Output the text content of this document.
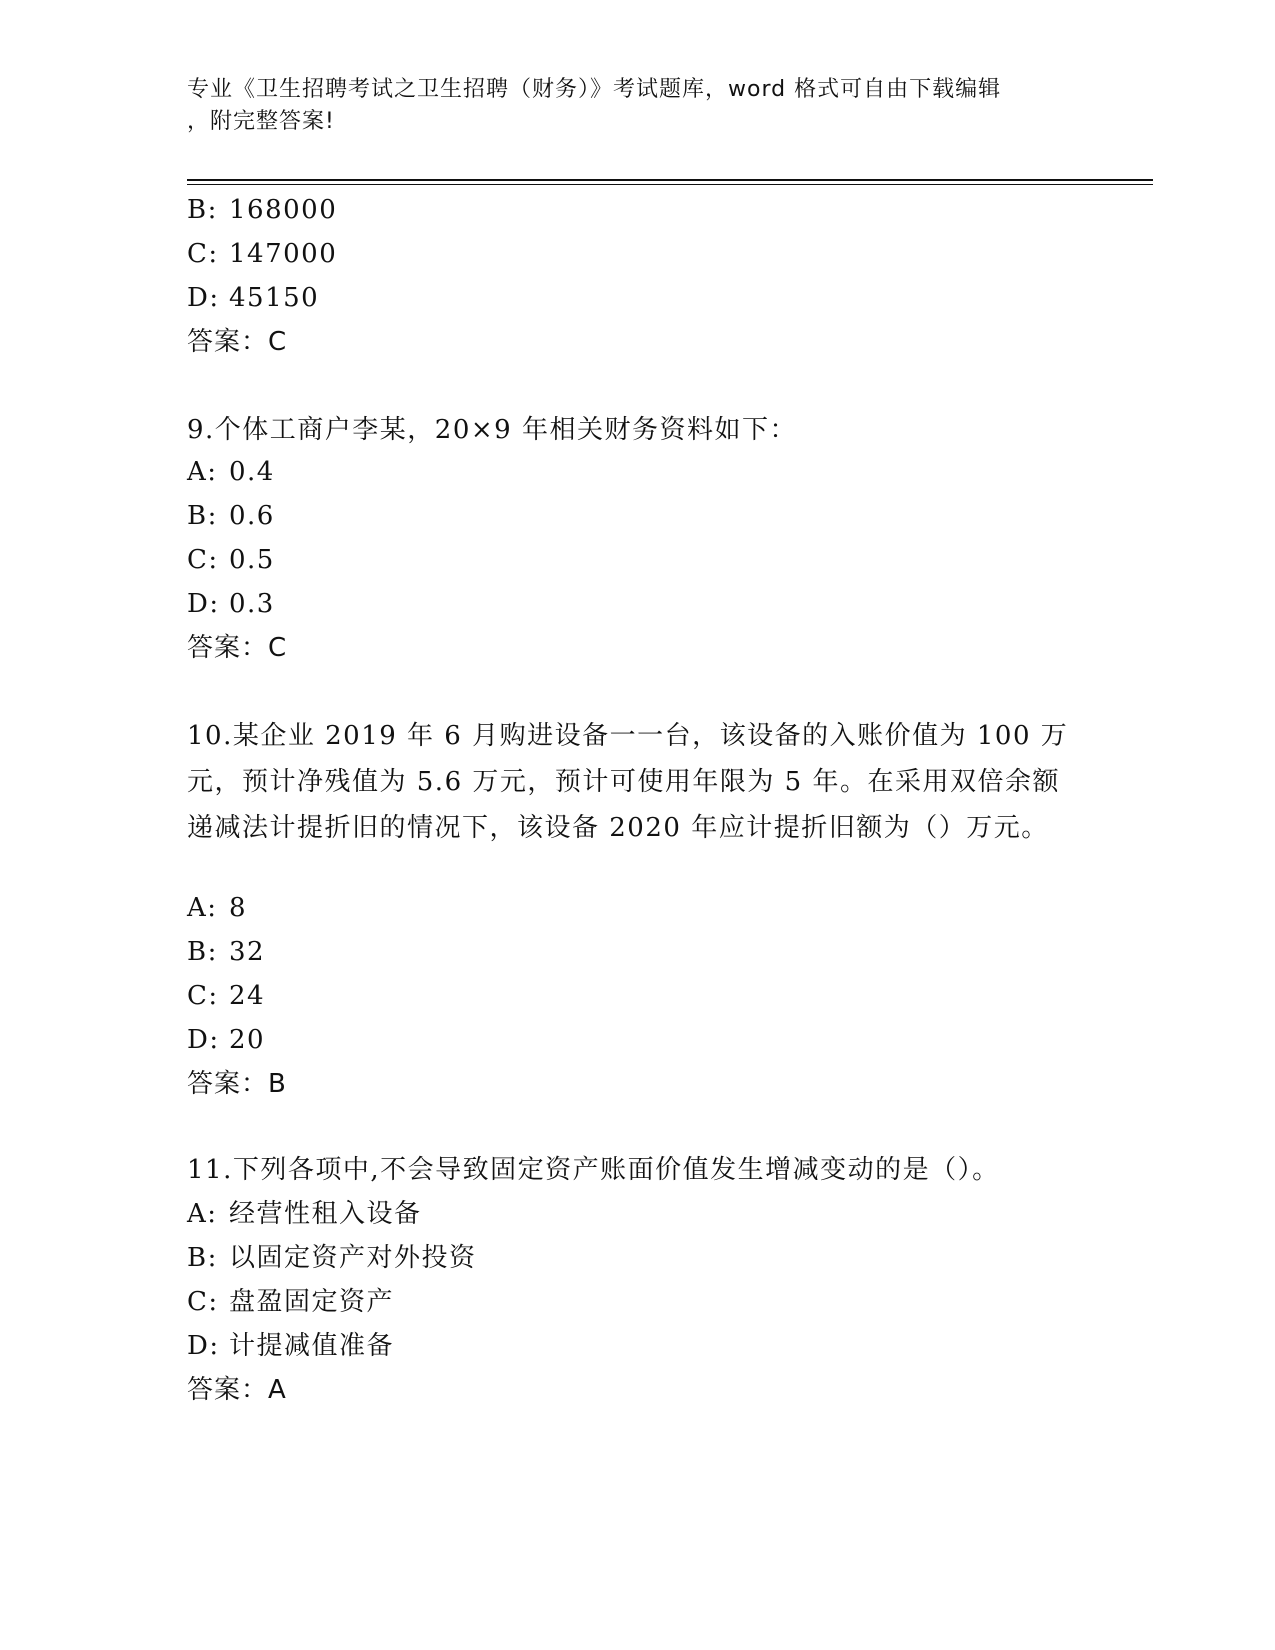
专业《卫生招聘考试之卫生招聘（财务）》考试题库，word 格式可自由下载编辑

，附完整答案!

B: 168000
C: 147000
D: 45150
答案：C
9.个体工商户李某，20×9 年相关财务资料如下：
A: 0.4
B: 0.6
C: 0.5
D: 0.3
答案：C

10.某企业 2019 年 6 月购进设备一一台，该设备的入账价值为 100 万元，预计净残值为 5.6 万元，预计可使用年限为 5 年。在采用双倍余额递减法计提折旧的情况下，该设备 2020 年应计提折旧额为（）万元。

A: 8
B: 32
C: 24
D: 20
答案：B
11.下列各项中,不会导致固定资产账面价值发生增减变动的是（）。
A: 经营性租入设备
B: 以固定资产对外投资
C: 盘盈固定资产
D: 计提减值准备
答案：A
